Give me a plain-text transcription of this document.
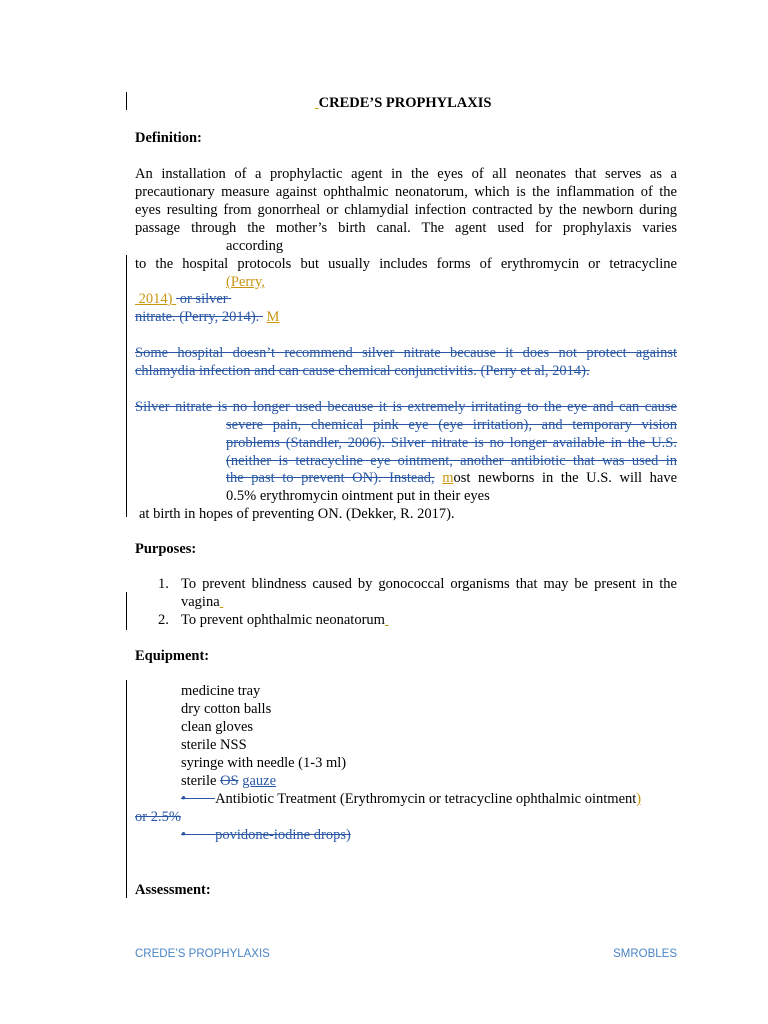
CREDE’S PROPHYLAXIS
Definition:
An installation of a prophylactic agent in the eyes of all neonates that serves as a
precautionary measure against ophthalmic neonatorum, which is the inflammation of the
eyes resulting from gonorrheal or chlamydial infection contracted by the newborn during
passage through the mother’s birth canal. The agent used for prophylaxis varies
according
to the hospital protocols but usually includes forms of erythromycin or tetracycline
(Perry,
2014) or silver
nitrate. (Perry, 2014). M
Some hospital doesn’t recommend silver nitrate because it does not protect against
chlamydia infection and can cause chemical conjunctivitis. (Perry et al, 2014).
Silver nitrate is no longer used because it is extremely irritating to the eye and can cause
severe pain, chemical pink eye (eye irritation), and temporary vision
problems (Standler, 2006). Silver nitrate is no longer available in the U.S.
(neither is tetracycline eye ointment, another antibiotic that was used in
the past to prevent ON). Instead, most newborns in the U.S. will have
0.5% erythromycin ointment put in their eyes
at birth in hopes of preventing ON. (Dekker, R. 2017).
Purposes:
1. To prevent blindness caused by gonococcal organisms that may be present in the
vagina
2. To prevent ophthalmic neonatorum
Equipment:
medicine tray
dry cotton balls
clean gloves
sterile NSS
syringe with needle (1-3 ml)
sterile OS gauze
•        Antibiotic Treatment (Erythromycin or tetracycline ophthalmic ointment)
or 2.5%
•        povidone-iodine drops)
Assessment:
CREDE’S PROPHYLAXIS	SMROBLES
